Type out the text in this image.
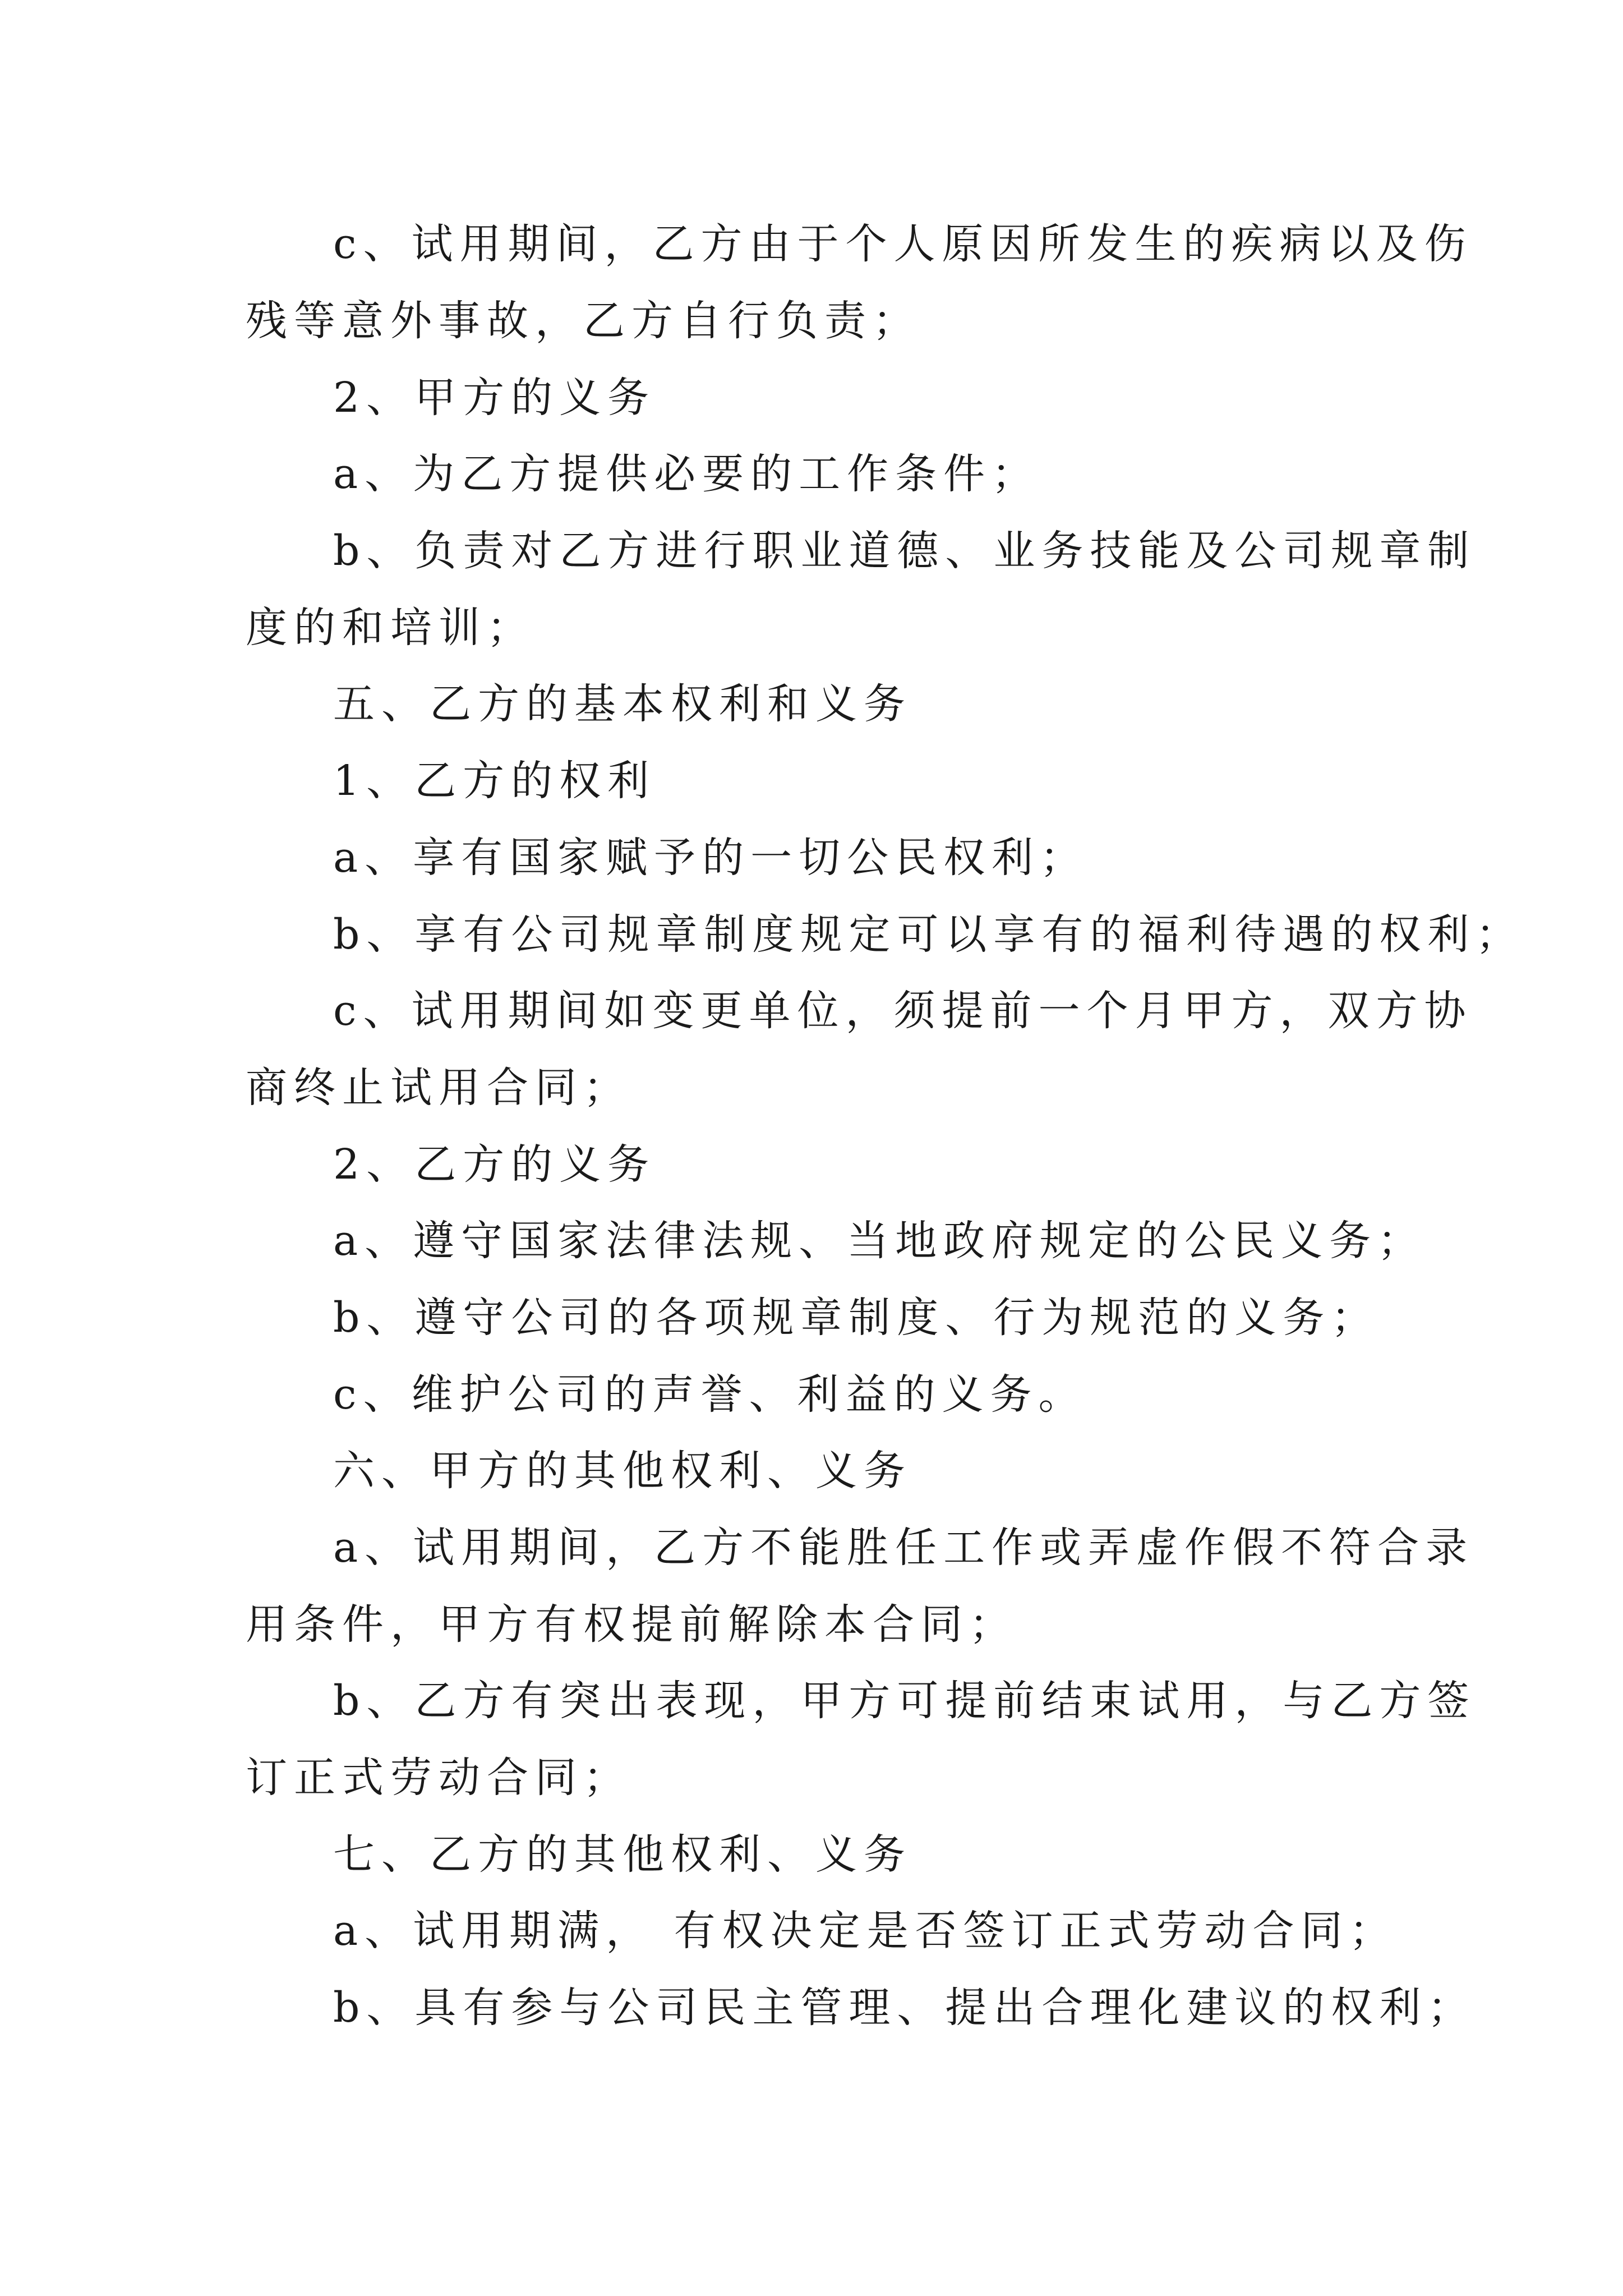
c、试用期间，乙方由于个人原因所发生的疾病以及伤

残等意外事故，乙方自行负责；

2、甲方的义务

a、为乙方提供必要的工作条件；

b、负责对乙方进行职业道德、业务技能及公司规章制

度的和培训；

五、乙方的基本权利和义务

1、乙方的权利

a、享有国家赋予的一切公民权利；

b、享有公司规章制度规定可以享有的福利待遇的权利；

c、试用期间如变更单位，须提前一个月甲方，双方协

商终止试用合同；

2、乙方的义务

a、遵守国家法律法规、当地政府规定的公民义务；

b、遵守公司的各项规章制度、行为规范的义务；

c、维护公司的声誉、利益的义务。

六、甲方的其他权利、义务

a、试用期间，乙方不能胜任工作或弄虚作假不符合录

用条件，甲方有权提前解除本合同；

b、乙方有突出表现，甲方可提前结束试用，与乙方签

订正式劳动合同；

七、乙方的其他权利、义务

a、试用期满， 有权决定是否签订正式劳动合同；

b、具有参与公司民主管理、提出合理化建议的权利；
